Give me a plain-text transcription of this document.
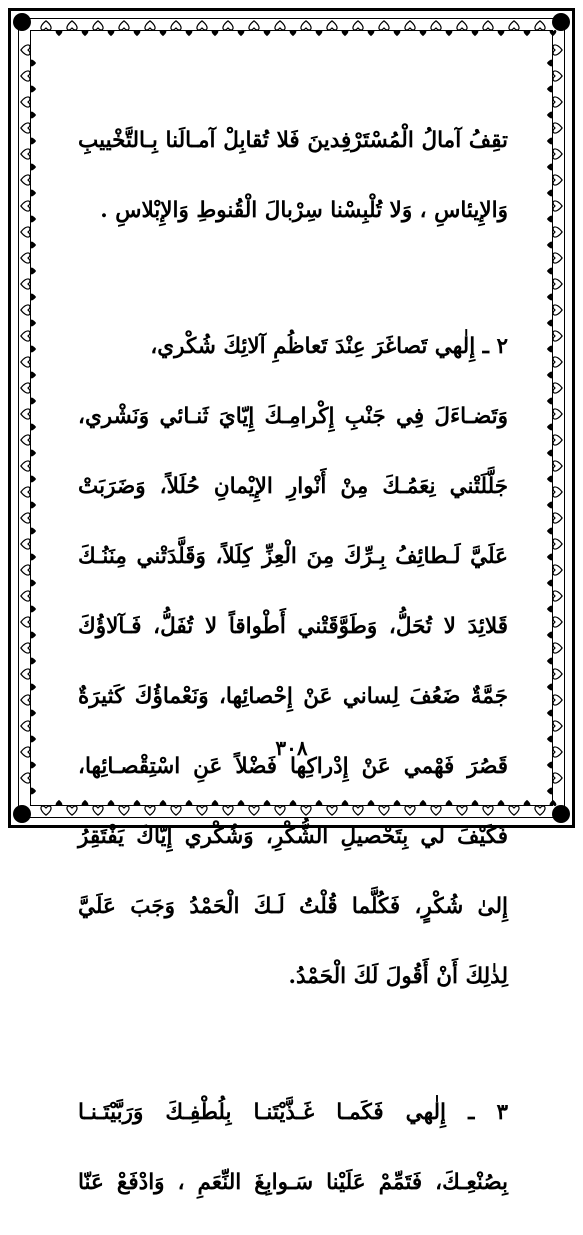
تقِفُ آمالُ الْمُسْتَرْفِدينَ فَلا تُقابِلْ آمـالَنا بِـالتَّخْييبِ

وَالإِيئاسِ ، وَلا تُلْبِسْنا سِرْبالَ الْقُنوطِ وَالإِبْلاسِ .

٢ ـ إِلٰهي تَصاغَرَ عِنْدَ تَعاظُمِ آلائِكَ شُكْري،

وَتَضـاءَلَ فِي جَنْبِ إِكْرامِـكَ إِيّايَ ثَنـائي وَنَشْري،

جَلَّلَتْني نِعَمُـكَ مِنْ أَنْوارِ الإِيْمانِ حُلَلاً، وَضَرَبَتْ

عَلَيَّ لَـطائِفُ بِـرِّكَ مِنَ الْعِزِّ كِلَلاً، وَقَلَّدَتْني مِنَنُـكَ

قَلائِدَ لا تُحَلُّ، وَطَوَّقَتْني أَطْواقاً لا تُفَلُّ، فَـآلاؤُكَ

جَمَّةٌ ضَعُفَ لِساني عَنْ إِحْصائِها، وَنَعْماؤُكَ كَثيرَةٌ

قَصُرَ فَهْمي عَنْ إِدْراكِها فَضْلاً عَنِ اسْتِقْصـائِها،

فَكَيْفَ لي بِتَحْصيلِ الشُّكْرِ، وَشُكْري إِيّاكَ يَفْتَقِرُ

إِلىٰ شُكْرٍ، فَكُلَّما قُلْتُ لَـكَ الْحَمْدُ وَجَبَ عَلَيَّ

لِذٰلِكَ أَنْ أَقُولَ لَكَ الْحَمْدُ.

٣ ـ إِلٰهي فَكَمـا غَـذَّيْتَنـا بِلُطْفِـكَ وَرَبَّيْتَـنـا

بِصُنْعِـكَ، فَتَمِّمْ عَلَيْنا سَـوابِغَ النِّعَمِ ، وَادْفَعْ عَنّا

٣٠٨
